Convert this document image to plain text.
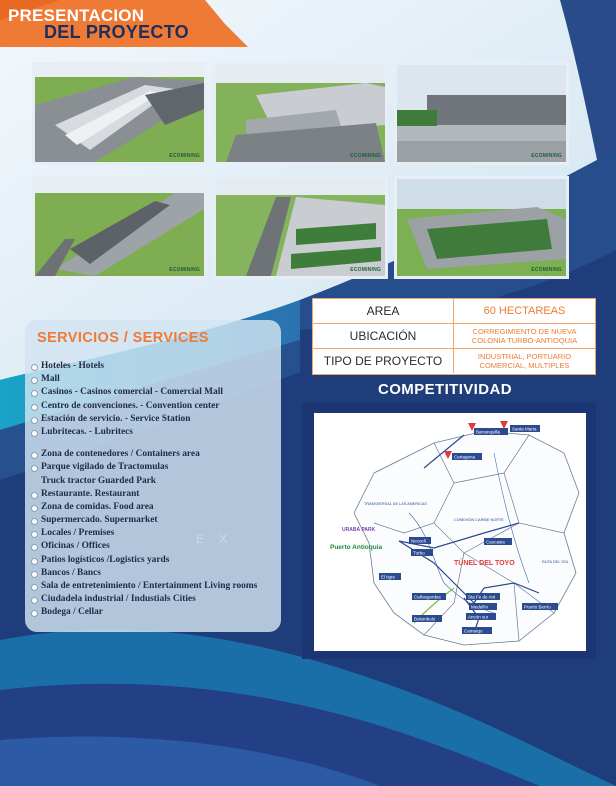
PRESENTACION
DEL PROYECTO
ECOMINING	ECOMINING	ECOMINING
ECOMINING	ECOMINING	ECOMINING
AREA	60 HECTAREAS
UBICACIÓN	CORREGIMIENTO DE NUEVA COLONIA TURBO-ANTIOQUIA
TIPO DE PROYECTO	INDUSTRIAL, PORTUARIO COMERCIAL, MULTIPLES
SERVICIOS / SERVICES
Hoteles - Hotels
Mall
Casinos - Casinos comercial - Comercial Mall
Centro de convenciones. - Convention center
Estación de servicio. - Service Station
Lubritecas. - Lubritecs
Zona de contenedores / Containers area
Parque vigilado de Tractomulas
Truck tractor Guarded Park
Restaurante. Restaurant
Zona de comidas. Food area
Supermercado. Supermarket
Locales / Premises
Oficinas / Offices
Patios logísticos /Logistics yards
Bancos / Bancs
Sala de entretenimiento / Entertainment Living rooms
Ciudadela industrial / Industials Cities
Bodega / Cellar
E X
COMPETITIVIDAD
Barranquilla
Santa Marta
Cartagena
TRANSVERSAL DE LAS AMERICAS
URABÁ PARK
Puerto Antioquia
Necoclí
Turbo
CONEXIÓN CARIBE NORTE
Caucasia
TÚNEL DEL TOYO
El tigre
Cañasgordas	Sta Fe de Ant
Medellín	Puerto Berrío
RUTA DEL SOL
Bolombolo	Ancón sur
Camargo
